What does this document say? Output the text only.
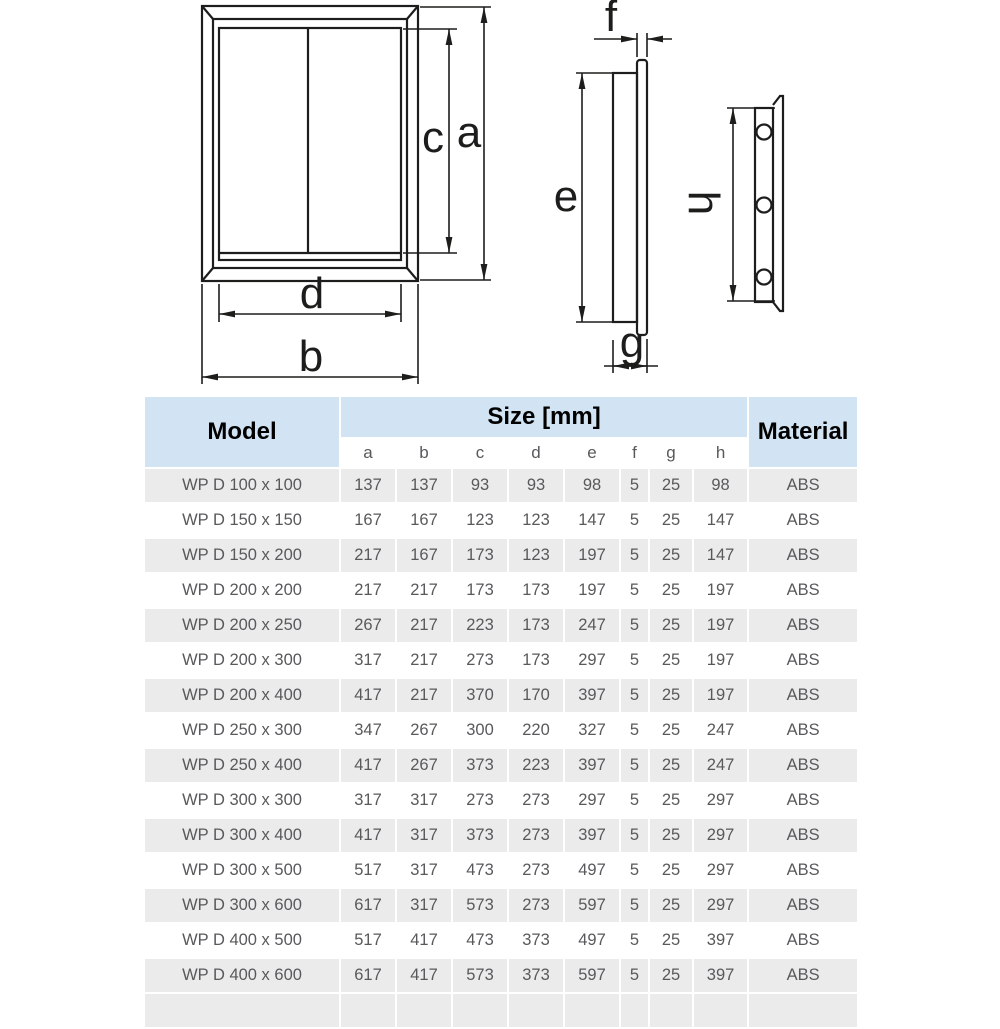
c a
d
b
f
e
g
h
Model	Size [mm]								Material
	a	b	c	d	e	f	g	h	
WP D 100 x 100	137	137	93	93	98	5	25	98	ABS
WP D 150 x 150	167	167	123	123	147	5	25	147	ABS
WP D 150 x 200	217	167	173	123	197	5	25	147	ABS
WP D 200 x 200	217	217	173	173	197	5	25	197	ABS
WP D 200 x 250	267	217	223	173	247	5	25	197	ABS
WP D 200 x 300	317	217	273	173	297	5	25	197	ABS
WP D 200 x 400	417	217	370	170	397	5	25	197	ABS
WP D 250 x 300	347	267	300	220	327	5	25	247	ABS
WP D 250 x 400	417	267	373	223	397	5	25	247	ABS
WP D 300 x 300	317	317	273	273	297	5	25	297	ABS
WP D 300 x 400	417	317	373	273	397	5	25	297	ABS
WP D 300 x 500	517	317	473	273	497	5	25	297	ABS
WP D 300 x 600	617	317	573	273	597	5	25	297	ABS
WP D 400 x 500	517	417	473	373	497	5	25	397	ABS
WP D 400 x 600	617	417	573	373	597	5	25	397	ABS
